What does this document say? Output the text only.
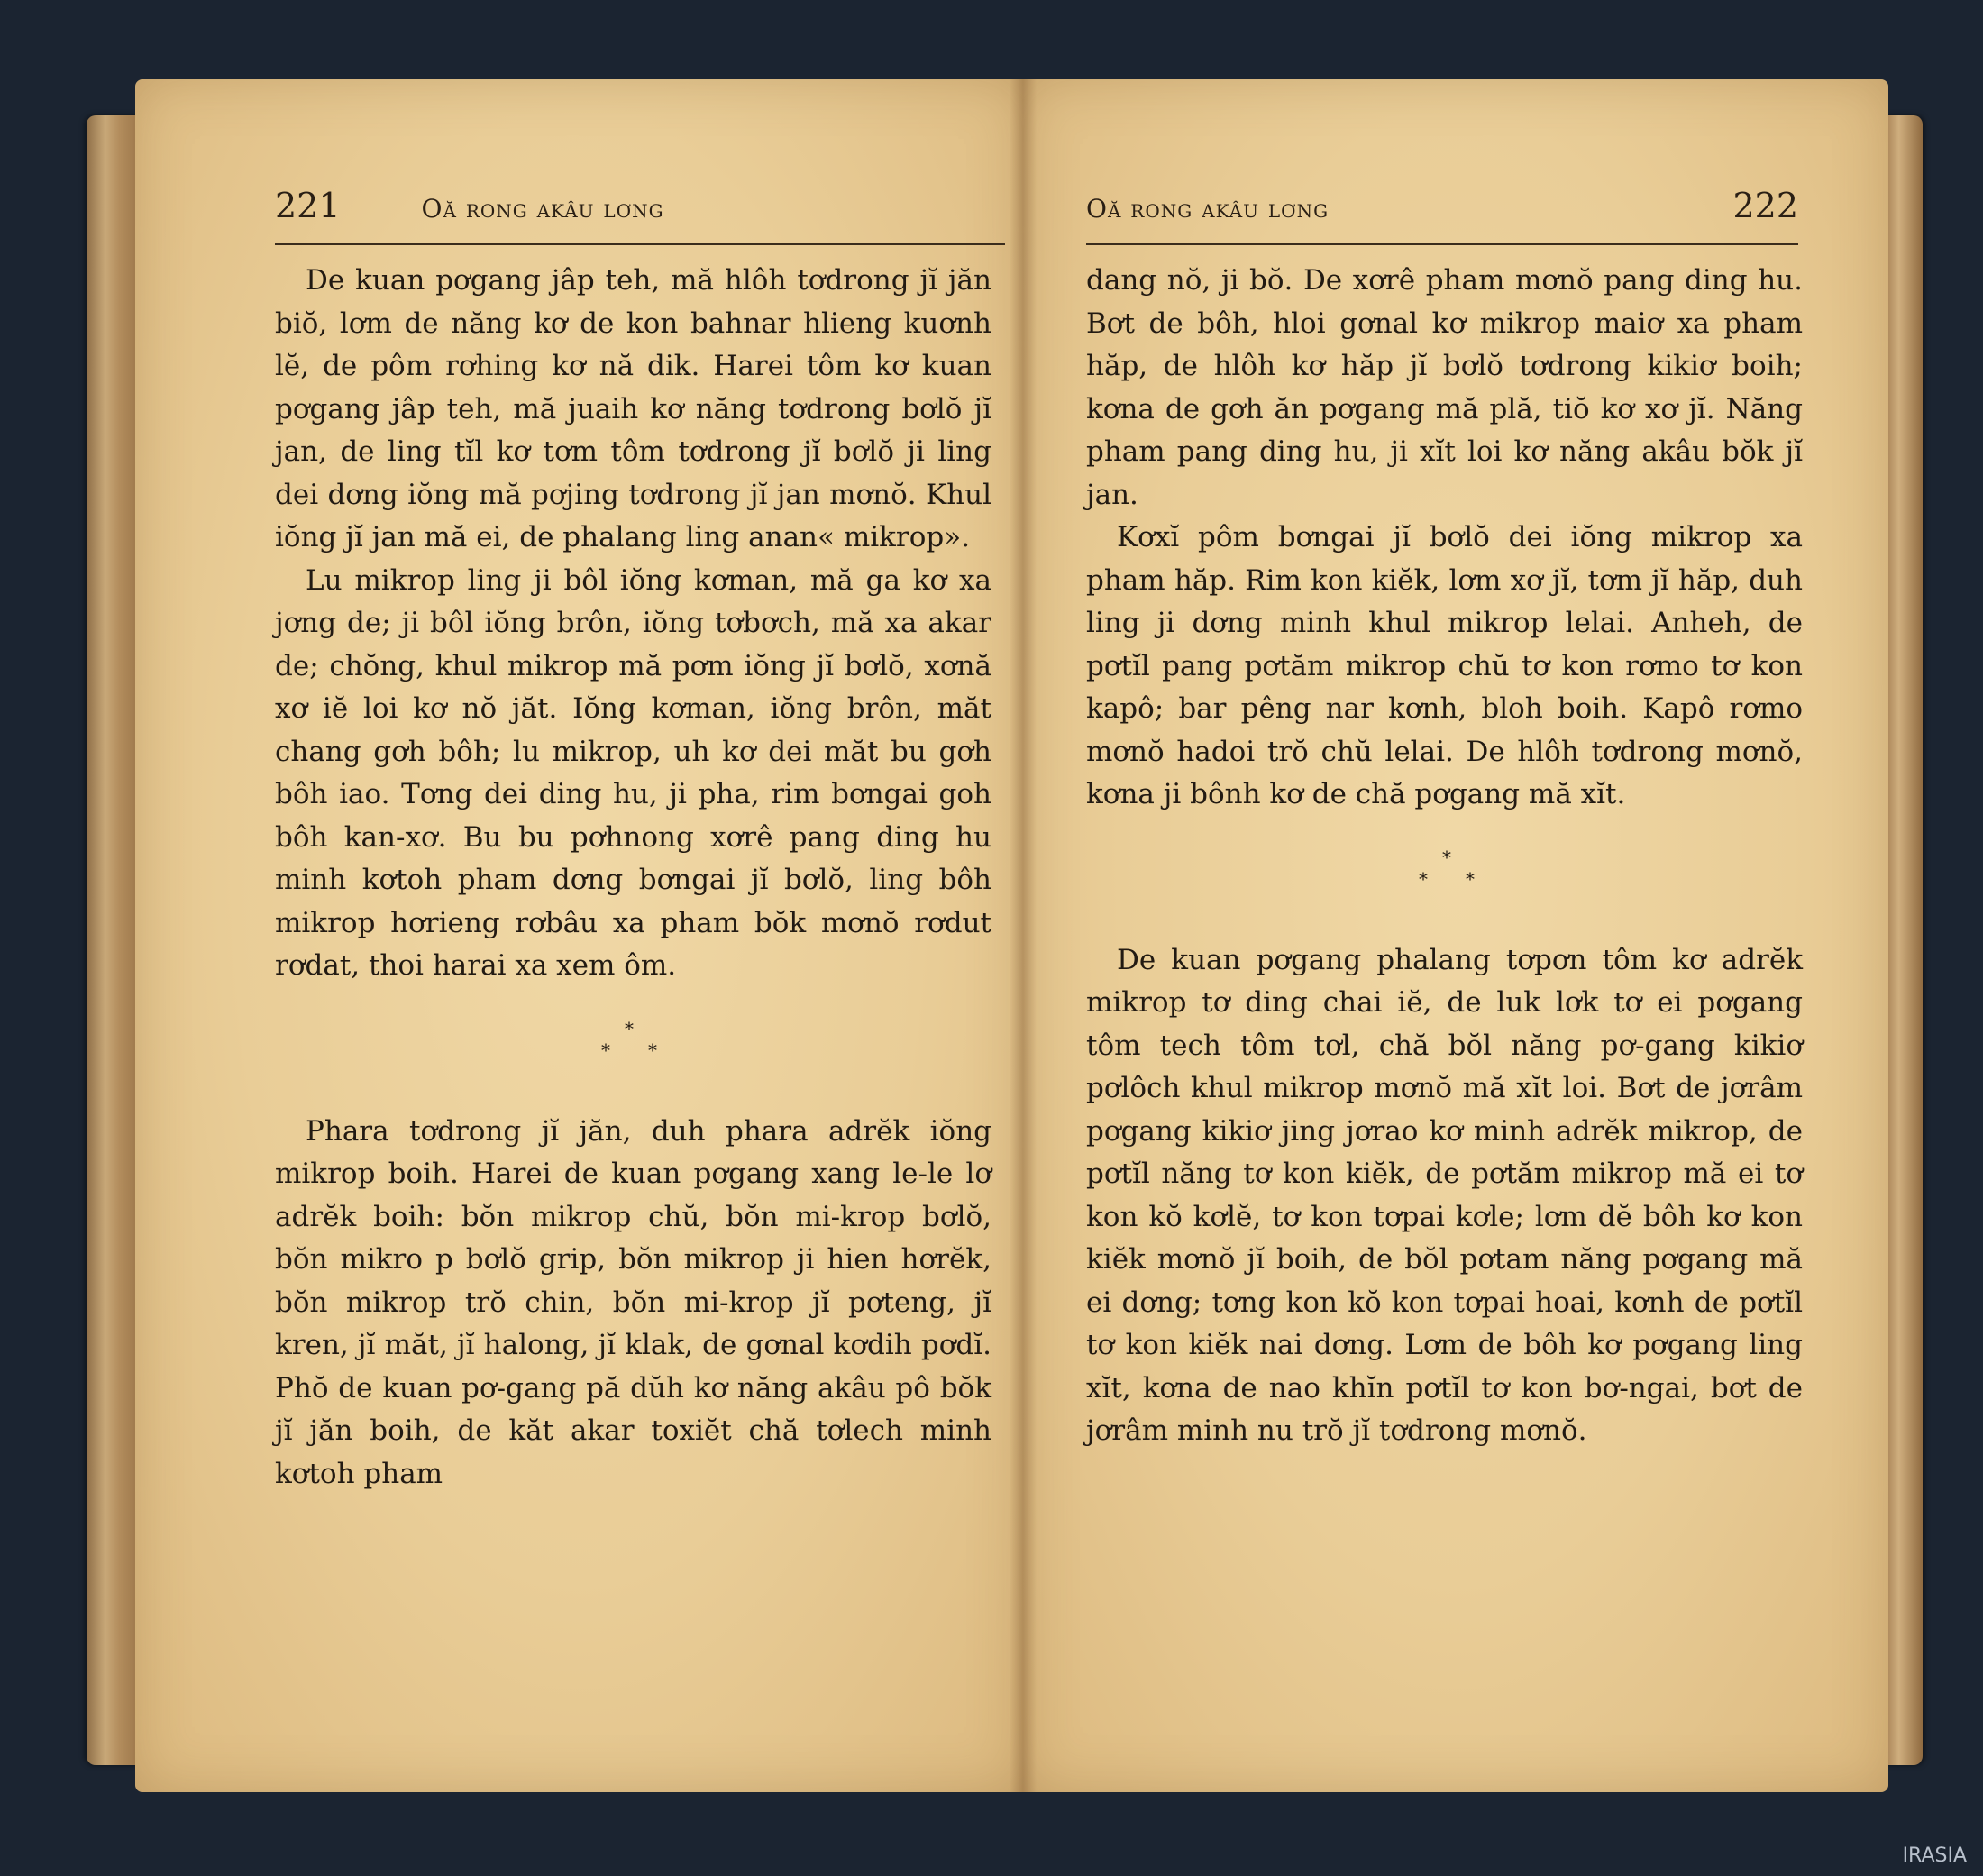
221	Oă rong akâu lơng

De kuan pơgang jâp teh, mă hlôh tơdrong jĭ jăn biŏ, lơm de năng kơ de kon bahnar hlieng kuơnh lĕ, de pôm rơhing kơ nă dik. Harei tôm kơ kuan pơgang jâp teh, mă juaih kơ năng tơdrong bơlŏ jĭ jan, de ling tĭl kơ tơm tôm tơdrong jĭ bơlŏ ji ling dei dơng iŏng mă pơjing tơdrong jĭ jan mơnŏ. Khul iŏng jĭ jan mă ei, de phalang ling anan« mikrop».

Lu mikrop ling ji bôl iŏng kơman, mă ga kơ xa jơng de; ji bôl iŏng brôn, iŏng tơbơch, mă xa akar de; chŏng, khul mikrop mă pơm iŏng jĭ bơlŏ, xơnă xơ iĕ loi kơ nŏ jăt. Iŏng kơman, iŏng brôn, măt chang gơh bôh; lu mikrop, uh kơ dei măt bu gơh bôh iao. Tơng dei ding hu, ji pha, rim bơngai goh bôh kan-xơ. Bu bu pơhnong xơrê pang ding hu minh kơtoh pham dơng bơngai jĭ bơlŏ, ling bôh mikrop hơrieng rơbâu xa pham bŏk mơnŏ rơdut rơdat, thoi harai xa xem ôm.

*
* *

Phara tơdrong jĭ jăn, duh phara adrĕk iŏng mikrop boih. Harei de kuan pơgang xang le-le lơ adrĕk boih: bŏn mikrop chŭ, bŏn mi-krop bơlŏ, bŏn mikro p bơlŏ grip, bŏn mikrop ji hien hơrĕk, bŏn mikrop trŏ chin, bŏn mi-krop jĭ pơteng, jĭ kren, jĭ măt, jĭ halong, jĭ klak, de gơnal kơdih pơdĭ. Phŏ de kuan pơ-gang pă dŭh kơ năng akâu pô bŏk jĭ jăn boih, de kăt akar toxiĕt chă tơlech minh kơtoh pham

Oă rong akâu lơng	222

dang nŏ, ji bŏ. De xơrê pham mơnŏ pang ding hu. Bơt de bôh, hloi gơnal kơ mikrop maiơ xa pham hăp, de hlôh kơ hăp jĭ bơlŏ tơdrong kikiơ boih; kơna de gơh ăn pơgang mă plă, tiŏ kơ xơ jĭ. Năng pham pang ding hu, ji xĭt loi kơ năng akâu bŏk jĭ jan.

Kơxĭ pôm bơngai jĭ bơlŏ dei iŏng mikrop xa pham hăp. Rim kon kiĕk, lơm xơ jĭ, tơm jĭ hăp, duh ling ji dơng minh khul mikrop lelai. Anheh, de pơtĭl pang pơtăm mikrop chŭ tơ kon rơmo tơ kon kapô; bar pêng nar kơnh, bloh boih. Kapô rơmo mơnŏ hadoi trŏ chŭ lelai. De hlôh tơdrong mơnŏ, kơna ji bônh kơ de chă pơgang mă xĭt.

*
* *

De kuan pơgang phalang tơpơn tôm kơ adrĕk mikrop tơ ding chai iĕ, de luk lơk tơ ei pơgang tôm tech tôm tơl, chă bŏl năng pơ-gang kikiơ pơlôch khul mikrop mơnŏ mă xĭt loi. Bơt de jơrâm pơgang kikiơ jing jơrao kơ minh adrĕk mikrop, de pơtĭl năng tơ kon kiĕk, de pơtăm mikrop mă ei tơ kon kŏ kơlĕ, tơ kon tơpai kơle; lơm dĕ bôh kơ kon kiĕk mơnŏ jĭ boih, de bŏl pơtam năng pơgang mă ei dơng; tơng kon kŏ kon tơpai hoai, kơnh de pơtĭl tơ kon kiĕk nai dơng. Lơm de bôh kơ pơgang ling xĭt, kơna de nao khĭn pơtĭl tơ kon bơ-ngai, bơt de jơrâm minh nu trŏ jĭ tơdrong mơnŏ.

IRASIA
